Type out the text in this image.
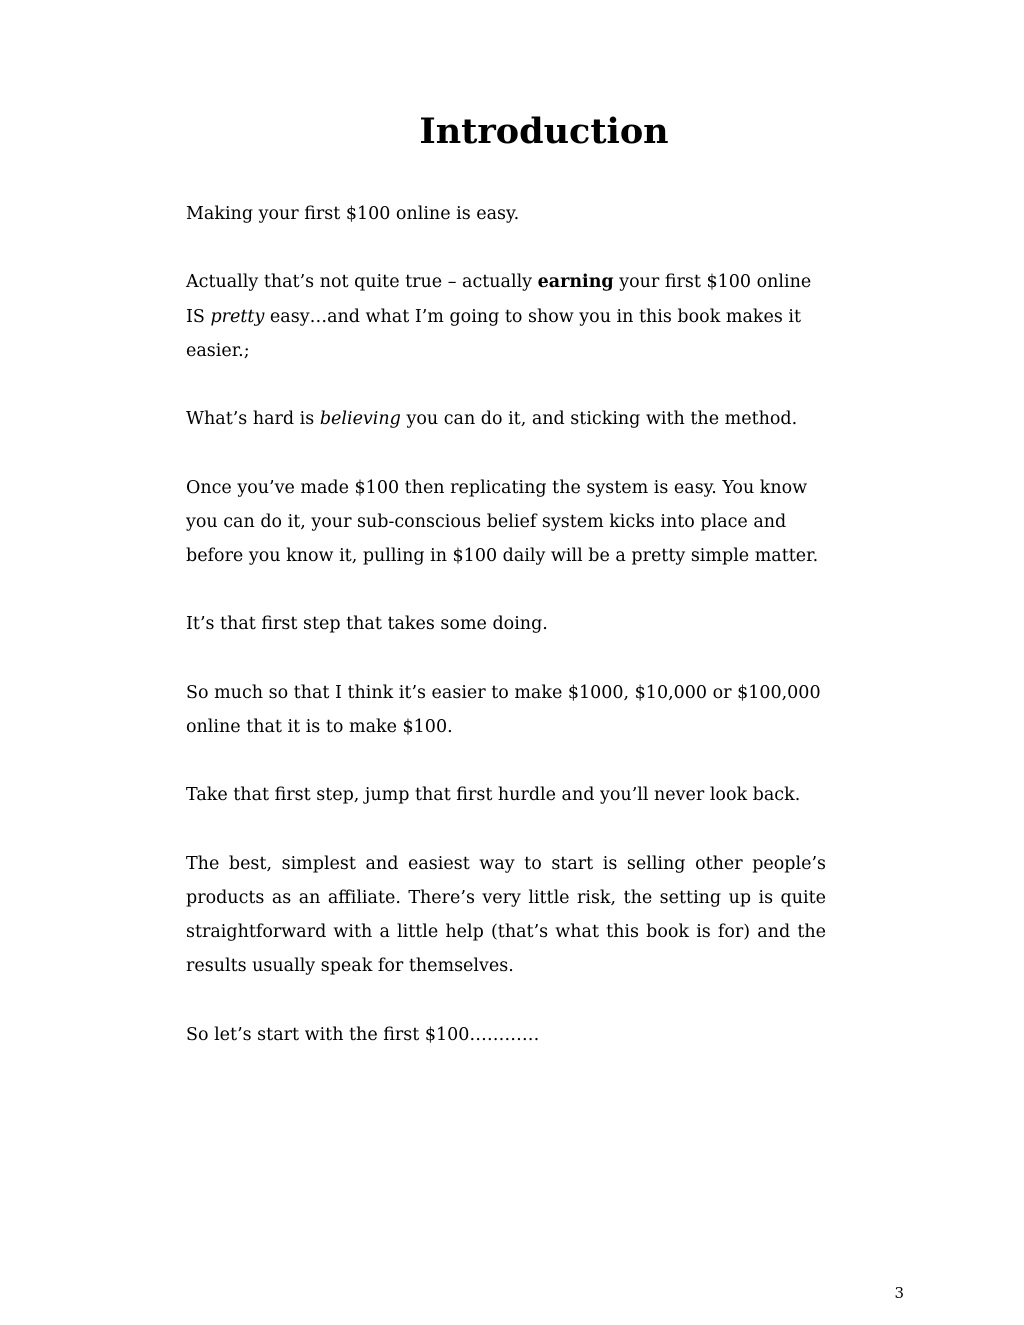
Introduction

Making your first $100 online is easy.

Actually that’s not quite true – actually earning your first $100 online IS pretty easy…and what I’m going to show you in this book makes it easier.;

What’s hard is believing you can do it, and sticking with the method.

Once you’ve made $100 then replicating the system is easy. You know you can do it, your sub-conscious belief system kicks into place and before you know it, pulling in $100 daily will be a pretty simple matter.

It’s that first step that takes some doing.

So much so that I think it’s easier to make $1000, $10,000 or $100,000 online that it is to make $100.

Take that first step, jump that first hurdle and you’ll never look back.

The best, simplest and easiest way to start is selling other people’s products as an affiliate. There’s very little risk, the setting up is quite straightforward with a little help (that’s what this book is for) and the results usually speak for themselves.

So let’s start with the first $100…………

3
